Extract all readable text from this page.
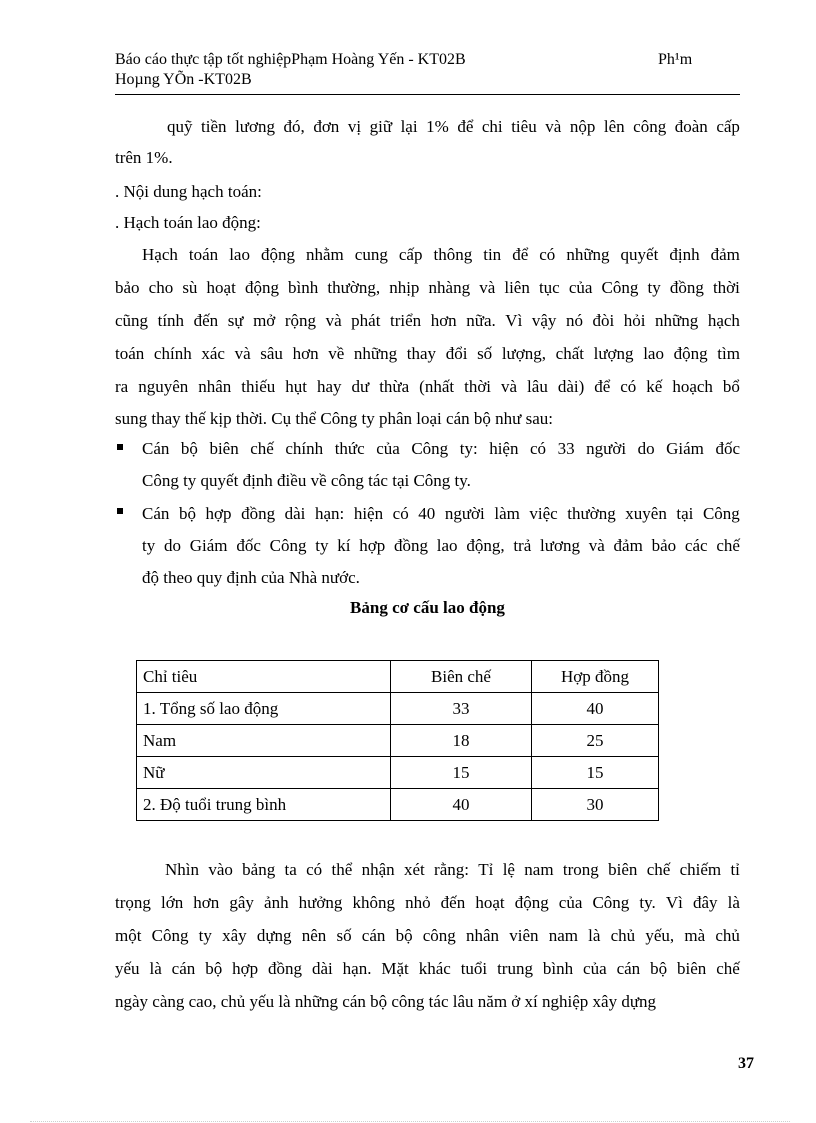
Báo cáo thực tập tốt nghiệpPhạm Hoàng Yến - KT02B
Hoµng YÕn -KT02B
Ph¹m
quỹ tiền lương đó, đơn vị giữ lại 1% để chi tiêu và nộp lên công đoàn cấp
trên 1%.
. Nội dung hạch toán:
. Hạch toán lao động:
Hạch toán lao động nhằm cung cấp thông tin để có những quyết định đảm
bảo cho sù hoạt động bình thường, nhịp nhàng và liên tục của Công ty đồng thời
cũng tính đến sự mở rộng và phát triển hơn nữa. Vì vậy nó đòi hỏi những hạch
toán chính xác và sâu hơn về những thay đổi số lượng, chất lượng lao động tìm
ra nguyên nhân thiếu hụt hay dư thừa (nhất thời và lâu dài) để có kế hoạch bổ
sung thay thế kịp thời. Cụ thể Công ty phân loại cán bộ như sau:
Cán bộ biên chế chính thức của Công ty: hiện có 33 người do Giám đốc
Công ty quyết định điều về công tác tại Công ty.
Cán bộ hợp đồng dài hạn: hiện có 40 người làm việc thường xuyên tại Công
ty do Giám đốc Công ty kí hợp đồng lao động, trả lương và đảm bảo các chế
độ theo quy định của Nhà nước.
Bảng cơ cấu lao động
Chỉ tiêu	Biên chế	Hợp đồng
1. Tổng số lao động	33	40
Nam	18	25
Nữ	15	15
2. Độ tuổi trung bình	40	30
Nhìn vào bảng ta có thể nhận xét rằng: Tỉ lệ nam trong biên chế chiếm tỉ
trọng lớn hơn gây ảnh hưởng không nhỏ đến hoạt động của Công ty. Vì đây là
một Công ty xây dựng nên số cán bộ công nhân viên nam là chủ yếu, mà chủ
yếu là cán bộ hợp đồng dài hạn. Mặt khác tuổi trung bình của cán bộ biên chế
ngày càng cao, chủ yếu là những cán bộ công tác lâu năm ở xí nghiệp xây dựng
37
